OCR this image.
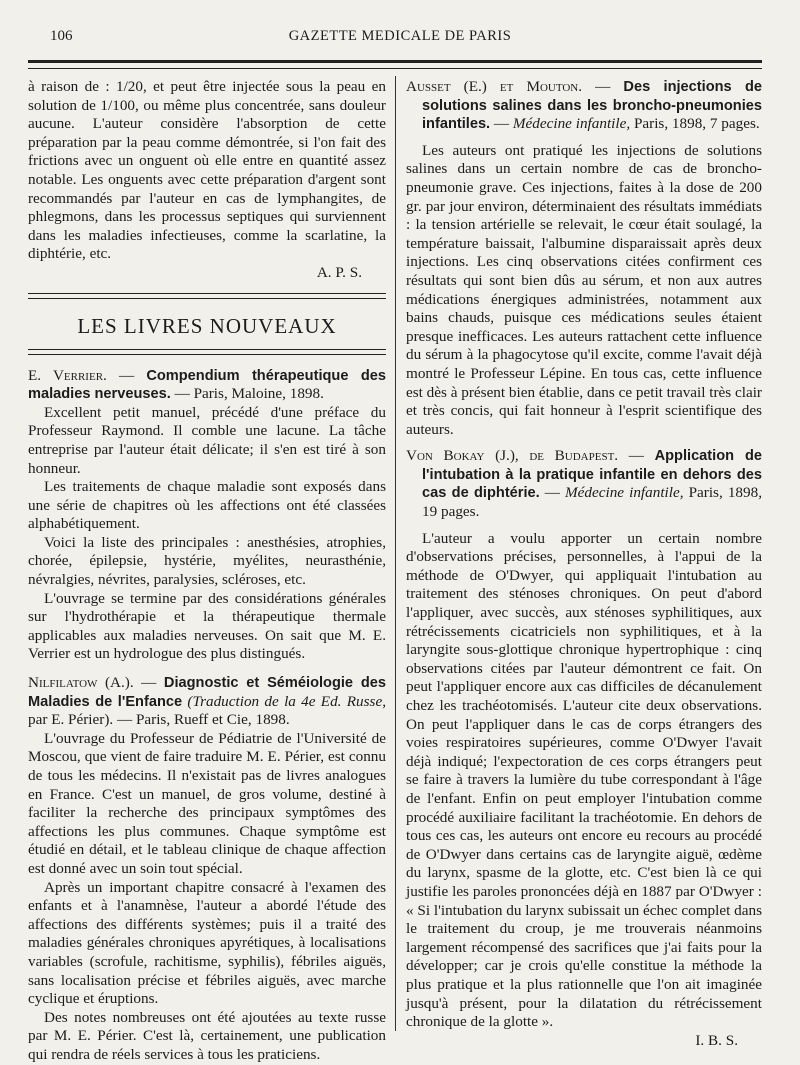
106	GAZETTE MEDICALE DE PARIS

à raison de : 1/20, et peut être injectée sous la peau en solution de 1/100, ou même plus concentrée, sans douleur aucune. L'auteur considère l'absorption de cette préparation par la peau comme démontrée, si l'on fait des frictions avec un onguent où elle entre en quantité assez notable. Les onguents avec cette préparation d'argent sont recommandés par l'auteur en cas de lymphangites, de phlegmons, dans les processus septiques qui surviennent dans les maladies infectieuses, comme la scarlatine, la diphtérie, etc.

A. P. S.

LES LIVRES NOUVEAUX

E. Verrier. — Compendium thérapeutique des maladies nerveuses. — Paris, Maloine, 1898.

Excellent petit manuel, précédé d'une préface du Professeur Raymond. Il comble une lacune. La tâche entreprise par l'auteur était délicate; il s'en est tiré à son honneur.

Les traitements de chaque maladie sont exposés dans une série de chapitres où les affections ont été classées alphabétiquement.

Voici la liste des principales : anesthésies, atrophies, chorée, épilepsie, hystérie, myélites, neurasthénie, névralgies, névrites, paralysies, scléroses, etc.

L'ouvrage se termine par des considérations générales sur l'hydrothérapie et la thérapeutique thermale applicables aux maladies nerveuses. On sait que M. E. Verrier est un hydrologue des plus distingués.

Nilfilatow (A.). — Diagnostic et Séméiologie des Maladies de l'Enfance (Traduction de la 4e Ed. Russe, par E. Périer). — Paris, Rueff et Cie, 1898.

L'ouvrage du Professeur de Pédiatrie de l'Université de Moscou, que vient de faire traduire M. E. Périer, est connu de tous les médecins. Il n'existait pas de livres analogues en France. C'est un manuel, de gros volume, destiné à faciliter la recherche des principaux symptômes des affections les plus communes. Chaque symptôme est étudié en détail, et le tableau clinique de chaque affection est donné avec un soin tout spécial.

Après un important chapitre consacré à l'examen des enfants et à l'anamnèse, l'auteur a abordé l'étude des affections des différents systèmes; puis il a traité des maladies générales chroniques apyrétiques, à localisations variables (scrofule, rachitisme, syphilis), fébriles aiguës, sans localisation précise et fébriles aiguës, avec marche cyclique et éruptions.

Des notes nombreuses ont été ajoutées au texte russe par M. E. Périer. C'est là, certainement, une publication qui rendra de réels services à tous les praticiens.

Ausset (E.) et Mouton. — Des injections de solutions salines dans les broncho-pneumonies infantiles. — Médecine infantile, Paris, 1898, 7 pages.

Les auteurs ont pratiqué les injections de solutions salines dans un certain nombre de cas de broncho-pneumonie grave. Ces injections, faites à la dose de 200 gr. par jour environ, déterminaient des résultats immédiats : la tension artérielle se relevait, le cœur était soulagé, la température baissait, l'albumine disparaissait après deux injections. Les cinq observations citées confirment ces résultats qui sont bien dûs au sérum, et non aux autres médications énergiques administrées, notamment aux bains chauds, puisque ces médications seules étaient presque inefficaces. Les auteurs rattachent cette influence du sérum à la phagocytose qu'il excite, comme l'avait déjà montré le Professeur Lépine. En tous cas, cette influence est dès à présent bien établie, dans ce petit travail très clair et très concis, qui fait honneur à l'esprit scientifique des auteurs.

Von Bokay (J.), de Budapest. — Application de l'intubation à la pratique infantile en dehors des cas de diphtérie. — Médecine infantile, Paris, 1898, 19 pages.

L'auteur a voulu apporter un certain nombre d'observations précises, personnelles, à l'appui de la méthode de O'Dwyer, qui appliquait l'intubation au traitement des sténoses chroniques. On peut d'abord l'appliquer, avec succès, aux sténoses syphilitiques, aux rétrécissements cicatriciels non syphilitiques, et à la laryngite sous-glottique chronique hypertrophique : cinq observations citées par l'auteur démontrent ce fait. On peut l'appliquer encore aux cas difficiles de décanulement chez les trachéotomisés. L'auteur cite deux observations. On peut l'appliquer dans le cas de corps étrangers des voies respiratoires supérieures, comme O'Dwyer l'avait déjà indiqué; l'expectoration de ces corps étrangers peut se faire à travers la lumière du tube correspondant à l'âge de l'enfant. Enfin on peut employer l'intubation comme procédé auxiliaire facilitant la trachéotomie. En dehors de tous ces cas, les auteurs ont encore eu recours au procédé de O'Dwyer dans certains cas de laryngite aiguë, œdème du larynx, spasme de la glotte, etc. C'est bien là ce qui justifie les paroles prononcées déjà en 1887 par O'Dwyer : « Si l'intubation du larynx subissait un échec complet dans le traitement du croup, je me trouverais néanmoins largement récompensé des sacrifices que j'ai faits pour la développer; car je crois qu'elle constitue la méthode la plus pratique et la plus rationnelle que l'on ait imaginée jusqu'à présent, pour la dilatation du rétrécissement chronique de la glotte ».

I. B. S.
